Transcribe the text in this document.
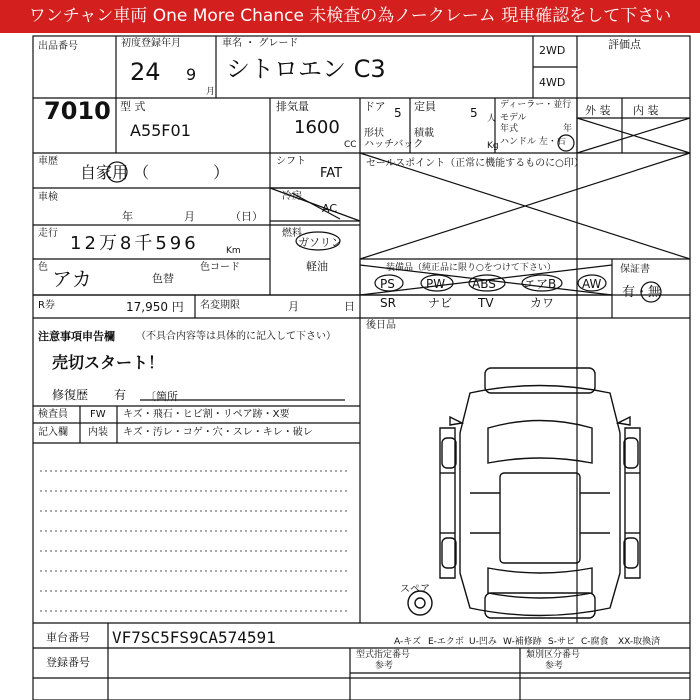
ワンチャン車両 One More Chance 未検査の為ノークレーム 現車確認をして下さい
出品番号
7010
初度登録年月
24 9
月
車名 ・ グレード
シトロエン C3
2WD
4WD
評価点
型 式
A55F01
排気量
1600
CC
ドア 5 定員	5 人
ディーラー・並行
モデル
年式	年
形状
ハッチバック
積載
Kg ハンドル 左・右
外 装 内 装
車歴
自家用 （　　　　）
シフト
FAT
セールスポイント（正常に機能するものに○印）
車検
年	月	（日）
冷房
AC
走行 12万8千596	Km
燃料
ガソリン
軽油
色 アカ	色替
色コード	装備品（純正品に限り○をつけて下さい）
PS	PW ABS エアB AW
SR	ナビ TV	カワ
保証書
有・無
R券	17,950 円 名変期限	月	日
後日品
注意事項申告欄 （不具合内容等は具体的に記入して下さい）
売切スタート！
修復歴 有 〔箇所
検査員
記入欄
FW キズ・飛石・ヒビ割・リペア跡・X要
内装 キズ・汚レ・コゲ・穴・スレ・キレ・破レ
スペア
A-キズ E-エクボ U-凹み W-補修跡 S-サビ C-腐食 XX-取換済
車台番号 VF7SC5FS9CA574591
登録番号
型式指定番号
参考
類別区分番号
参考
